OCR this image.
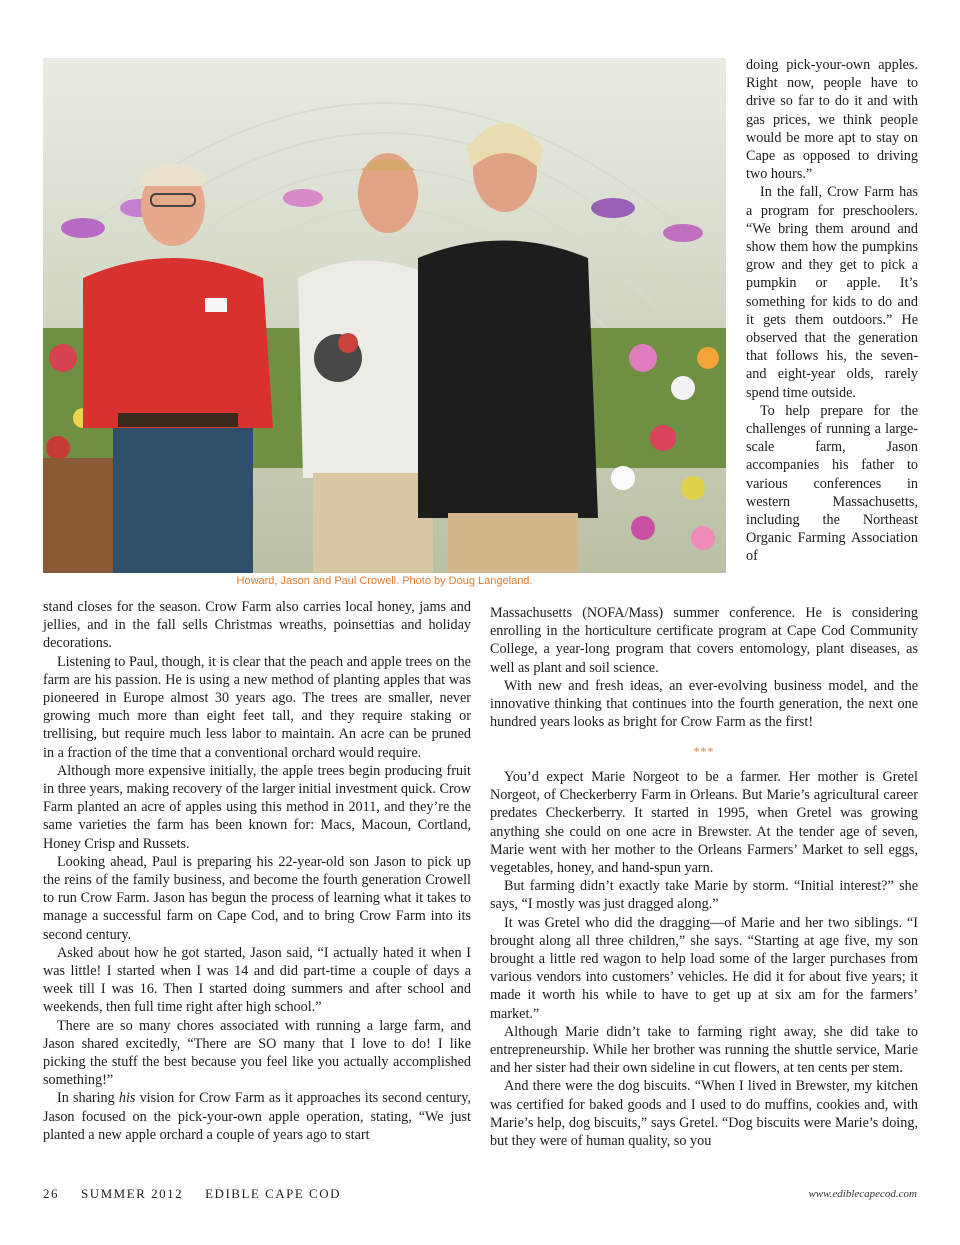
Howard, Jason and Paul Crowell. Photo by Doug Langeland.

doing pick-your-own apples. Right now, people have to drive so far to do it and with gas prices, we think people would be more apt to stay on Cape as opposed to driving two hours.”

In the fall, Crow Farm has a program for preschoolers. “We bring them around and show them how the pumpkins grow and they get to pick a pumpkin or apple. It’s something for kids to do and it gets them outdoors.” He observed that the generation that follows his, the seven- and eight-year olds, rarely spend time outside.

To help prepare for the challenges of running a large-scale farm, Jason accompanies his father to various conferences in western Massachusetts, including the Northeast Organic Farming Association of

stand closes for the season. Crow Farm also carries local honey, jams and jellies, and in the fall sells Christmas wreaths, poinsettias and holiday decorations.

Listening to Paul, though, it is clear that the peach and apple trees on the farm are his passion. He is using a new method of planting apples that was pioneered in Europe almost 30 years ago. The trees are smaller, never growing much more than eight feet tall, and they require staking or trellising, but require much less labor to maintain. An acre can be pruned in a fraction of the time that a conventional orchard would require.

Although more expensive initially, the apple trees begin producing fruit in three years, making recovery of the larger initial investment quick. Crow Farm planted an acre of apples using this method in 2011, and they’re the same varieties the farm has been known for: Macs, Macoun, Cortland, Honey Crisp and Russets.

Looking ahead, Paul is preparing his 22-year-old son Jason to pick up the reins of the family business, and become the fourth generation Crowell to run Crow Farm. Jason has begun the process of learning what it takes to manage a successful farm on Cape Cod, and to bring Crow Farm into its second century.

Asked about how he got started, Jason said, “I actually hated it when I was little! I started when I was 14 and did part-time a couple of days a week till I was 16. Then I started doing summers and after school and weekends, then full time right after high school.”

There are so many chores associated with running a large farm, and Jason shared excitedly, “There are SO many that I love to do! I like picking the stuff the best because you feel like you actually accomplished something!”

In sharing his vision for Crow Farm as it approaches its second century, Jason focused on the pick-your-own apple operation, stating, “We just planted a new apple orchard a couple of years ago to start

Massachusetts (NOFA/Mass) summer conference. He is considering enrolling in the horticulture certificate program at Cape Cod Community College, a year-long program that covers entomology, plant diseases, as well as plant and soil science.

With new and fresh ideas, an ever-evolving business model, and the innovative thinking that continues into the fourth generation, the next one hundred years looks as bright for Crow Farm as the first!

***

You’d expect Marie Norgeot to be a farmer. Her mother is Gretel Norgeot, of Checkerberry Farm in Orleans. But Marie’s agricultural career predates Checkerberry. It started in 1995, when Gretel was growing anything she could on one acre in Brewster. At the tender age of seven, Marie went with her mother to the Orleans Farmers’ Market to sell eggs, vegetables, honey, and hand-spun yarn.

But farming didn’t exactly take Marie by storm. “Initial interest?” she says, “I mostly was just dragged along.”

It was Gretel who did the dragging—of Marie and her two siblings. “I brought along all three children,” she says. “Starting at age five, my son brought a little red wagon to help load some of the larger purchases from various vendors into customers’ vehicles. He did it for about five years; it made it worth his while to have to get up at six am for the farmers’ market.”

Although Marie didn’t take to farming right away, she did take to entrepreneurship. While her brother was running the shuttle service, Marie and her sister had their own sideline in cut flowers, at ten cents per stem.

And there were the dog biscuits. “When I lived in Brewster, my kitchen was certified for baked goods and I used to do muffins, cookies and, with Marie’s help, dog biscuits,” says Gretel. “Dog biscuits were Marie’s doing, but they were of human quality, so you

26 SUMMER 2012 EDIBLE CAPE COD	www.ediblecapecod.com
